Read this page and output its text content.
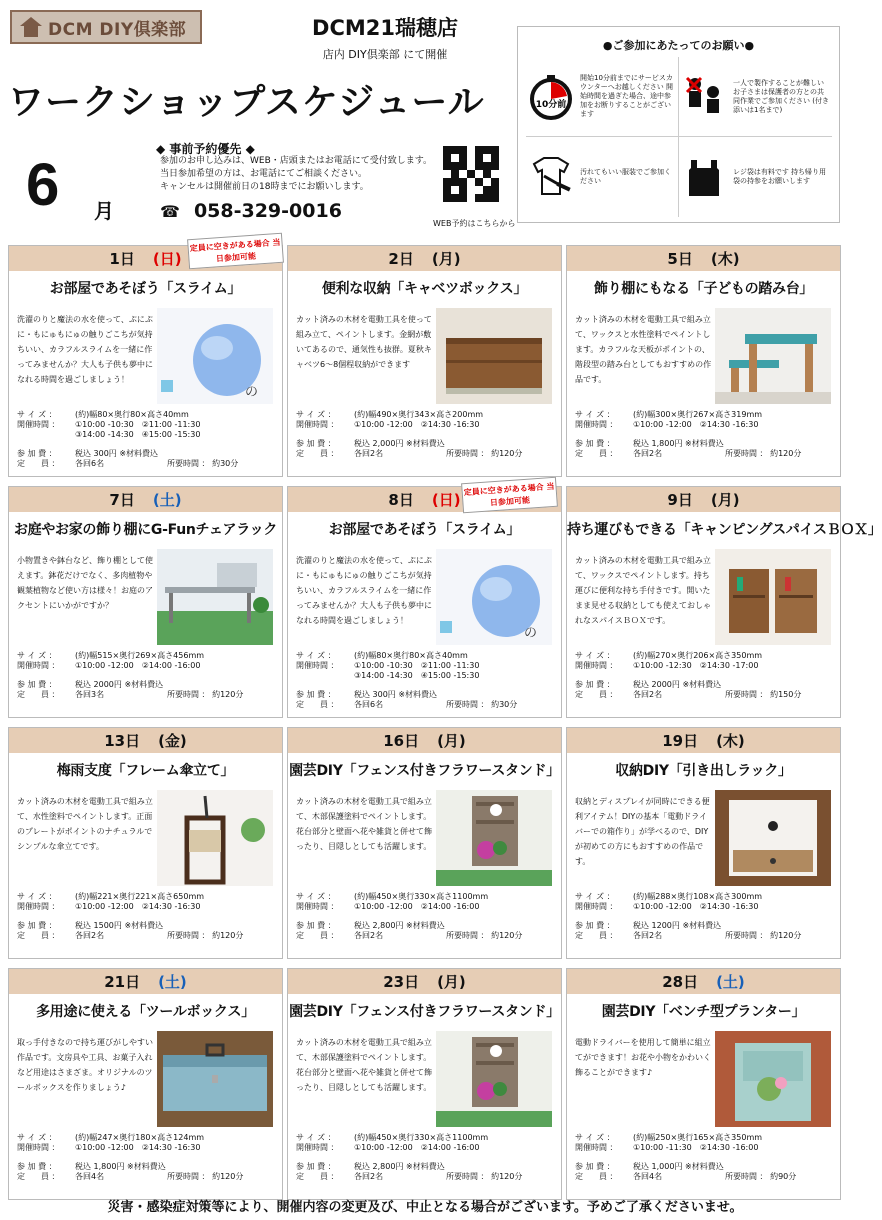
DCM DIY倶楽部	DCM21瑞穂店
店内 DIY倶楽部 にて開催
ワークショップスケジュール
6 月
◆ 事前予約優先 ◆
参加のお申し込みは、WEB・店頭またはお電話にて受付致します。
当日参加希望の方は、お電話にてご相談ください。
キャンセルは開催前日の18時までにお願いします。
☎ 058-329-0016
WEB予約はこちらから
●ご参加にあたってのお願い●
10分前
開始10分前までにサービスカウンターへお越しください 開始時間を過ぎた場合、途中参加をお断りすることがございます
一人で製作することが難しいお子さまは保護者の方との共同作業でご参加ください (付き添いは1名まで)
汚れてもいい服装でご参加ください
レジ袋は有料です 持ち帰り用袋の持参をお願いします
1日 (日)
お部屋であそぼう「スライム」
洗濯のりと魔法の水を使って、ぷにぷに・もにゅもにゅの触りごこちが気持ちいい、カラフルスライムを一緒に作ってみませんか？大人も子供も夢中になれる時間を過ごしましょう！
の
サ イ ズ ：	(約)幅80×奥行80×高さ40mm
開催時間 ：	①10:00 -10:30　②11:00 -11:30
③14:00 -14:30　④15:00 -15:30
参 加 費 ：	税込 300円 ※材料費込
定　　員 ：	各回6名	所要時間 ：
約30分
2日 (月)
便利な収納「キャベツボックス」
カット済みの木材を電動工具を使って組み立て、ペイントします。金網が敷いてあるので、通気性も抜群。夏秋キャベツ6～8個程収納ができます
サ イ ズ ：	(約)幅490×奥行343×高さ200mm
開催時間 ：	①10:00 -12:00　②14:30 -16:30
参 加 費 ：	税込 2,000円 ※材料費込
定　　員 ：	各回2名	所要時間 ：
約120分
5日 (木)
飾り棚にもなる「子どもの踏み台」
カット済みの木材を電動工具で組み立て、ワックスと水性塗料でペイントします。カラフルな天板がポイントの、階段型の踏み台としてもおすすめの作品です。
サ イ ズ ：	(約)幅300×奥行267×高さ319mm
開催時間 ：	①10:00 -12:00　②14:30 -16:30
参 加 費 ：	税込 1,800円 ※材料費込
定　　員 ：	各回2名	所要時間 ：
約120分
7日 (土)
お庭やお家の飾り棚にG-Funチェアラック
小物置きや鉢台など、飾り棚として使えます。鉢花だけでなく、多肉植物や観葉植物など使い方は様々！お庭のアクセントにいかがですか？
サ イ ズ ：	(約)幅515×奥行269×高さ456mm
開催時間 ：	①10:00 -12:00　②14:00 -16:00
参 加 費 ：	税込 2000円 ※材料費込
定　　員 ：	各回3名	所要時間 ：
約120分
8日 (日)
お部屋であそぼう「スライム」
洗濯のりと魔法の水を使って、ぷにぷに・もにゅもにゅの触りごこちが気持ちいい、カラフルスライムを一緒に作ってみませんか？大人も子供も夢中になれる時間を過ごしましょう！
の
サ イ ズ ：	(約)幅80×奥行80×高さ40mm
開催時間 ：	①10:00 -10:30　②11:00 -11:30
③14:00 -14:30　④15:00 -15:30
参 加 費 ：	税込 300円 ※材料費込
定　　員 ：	各回6名	所要時間 ：
約30分
9日 (月)
持ち運びもできる「キャンピングスパイスＢＯＸ」
カット済みの木材を電動工具で組み立て、ワックスでペイントします。持ち運びに便利な持ち手付きです。開いたまま見せる収納としても使えておしゃれなスパイスＢＯＸです。
サ イ ズ ：	(約)幅270×奥行206×高さ350mm
開催時間 ：	①10:00 -12:30　②14:30 -17:00
参 加 費 ：	税込 2000円 ※材料費込
定　　員 ：	各回2名	所要時間 ：
約150分
13日 (金)
梅雨支度「フレーム傘立て」
カット済みの木材を電動工具で組み立て、水性塗料でペイントします。正面のプレートがポイントのナチュラルでシンプルな傘立てです。
サ イ ズ ：	(約)幅221×奥行221×高さ650mm
開催時間 ：	①10:00 -12:00　②14:30 -16:30
参 加 費 ：	税込 1500円 ※材料費込
定　　員 ：	各回2名	所要時間 ：
約120分
16日 (月)
園芸DIY「フェンス付きフラワースタンド」
カット済みの木材を電動工具で組み立て、木部保護塗料でペイントします。花台部分と壁面へ花や雑貨と併せて飾ったり、目隠しとしても活躍します。
サ イ ズ ：	(約)幅450×奥行330×高さ1100mm
開催時間 ：	①10:00 -12:00　②14:00 -16:00
参 加 費 ：	税込 2,800円 ※材料費込
定　　員 ：	各回2名	所要時間 ：
約120分
19日 (木)
収納DIY「引き出しラック」
収納とディスプレイが同時にできる便利アイテム！DIYの基本「電動ドライバーでの箱作り」が学べるので、DIYが初めての方にもおすすめの作品です。
サ イ ズ ：	(約)幅288×奥行108×高さ300mm
開催時間 ：	①10:00 -12:00　②14:30 -16:30
参 加 費 ：	税込 1200円 ※材料費込
定　　員 ：	各回2名	所要時間 ：
約120分
21日 (土)
多用途に使える「ツールボックス」
取っ手付きなので持ち運びがしやすい作品です。文房具や工具、お菓子入れなど用途はさまざま。オリジナルのツールボックスを作りましょう♪
サ イ ズ ：	(約)幅247×奥行180×高さ124mm
開催時間 ：	①10:00 -12:00　②14:30 -16:30
参 加 費 ：	税込 1,800円 ※材料費込
定　　員 ：	各回4名	所要時間 ：
約120分
23日 (月)
園芸DIY「フェンス付きフラワースタンド」
カット済みの木材を電動工具で組み立て、木部保護塗料でペイントします。花台部分と壁面へ花や雑貨と併せて飾ったり、目隠しとしても活躍します。
サ イ ズ ：	(約)幅450×奥行330×高さ1100mm
開催時間 ：	①10:00 -12:00　②14:00 -16:00
参 加 費 ：	税込 2,800円 ※材料費込
定　　員 ：	各回2名	所要時間 ：
約120分
28日 (土)
園芸DIY「ベンチ型プランター」
電動ドライバーを使用して簡単に組立てができます！お花や小物をかわいく飾ることができます♪
サ イ ズ ：	(約)幅250×奥行165×高さ350mm
開催時間 ：	①10:00 -11:30　②14:30 -16:00
参 加 費 ：	税込 1,000円 ※材料費込
定　　員 ：	各回4名	所要時間 ：
約90分
定員に空きがある場合 当日参加可能
定員に空きがある場合 当日参加可能
災害・感染症対策等により、開催内容の変更及び、中止となる場合がございます。予めご了承くださいませ。
